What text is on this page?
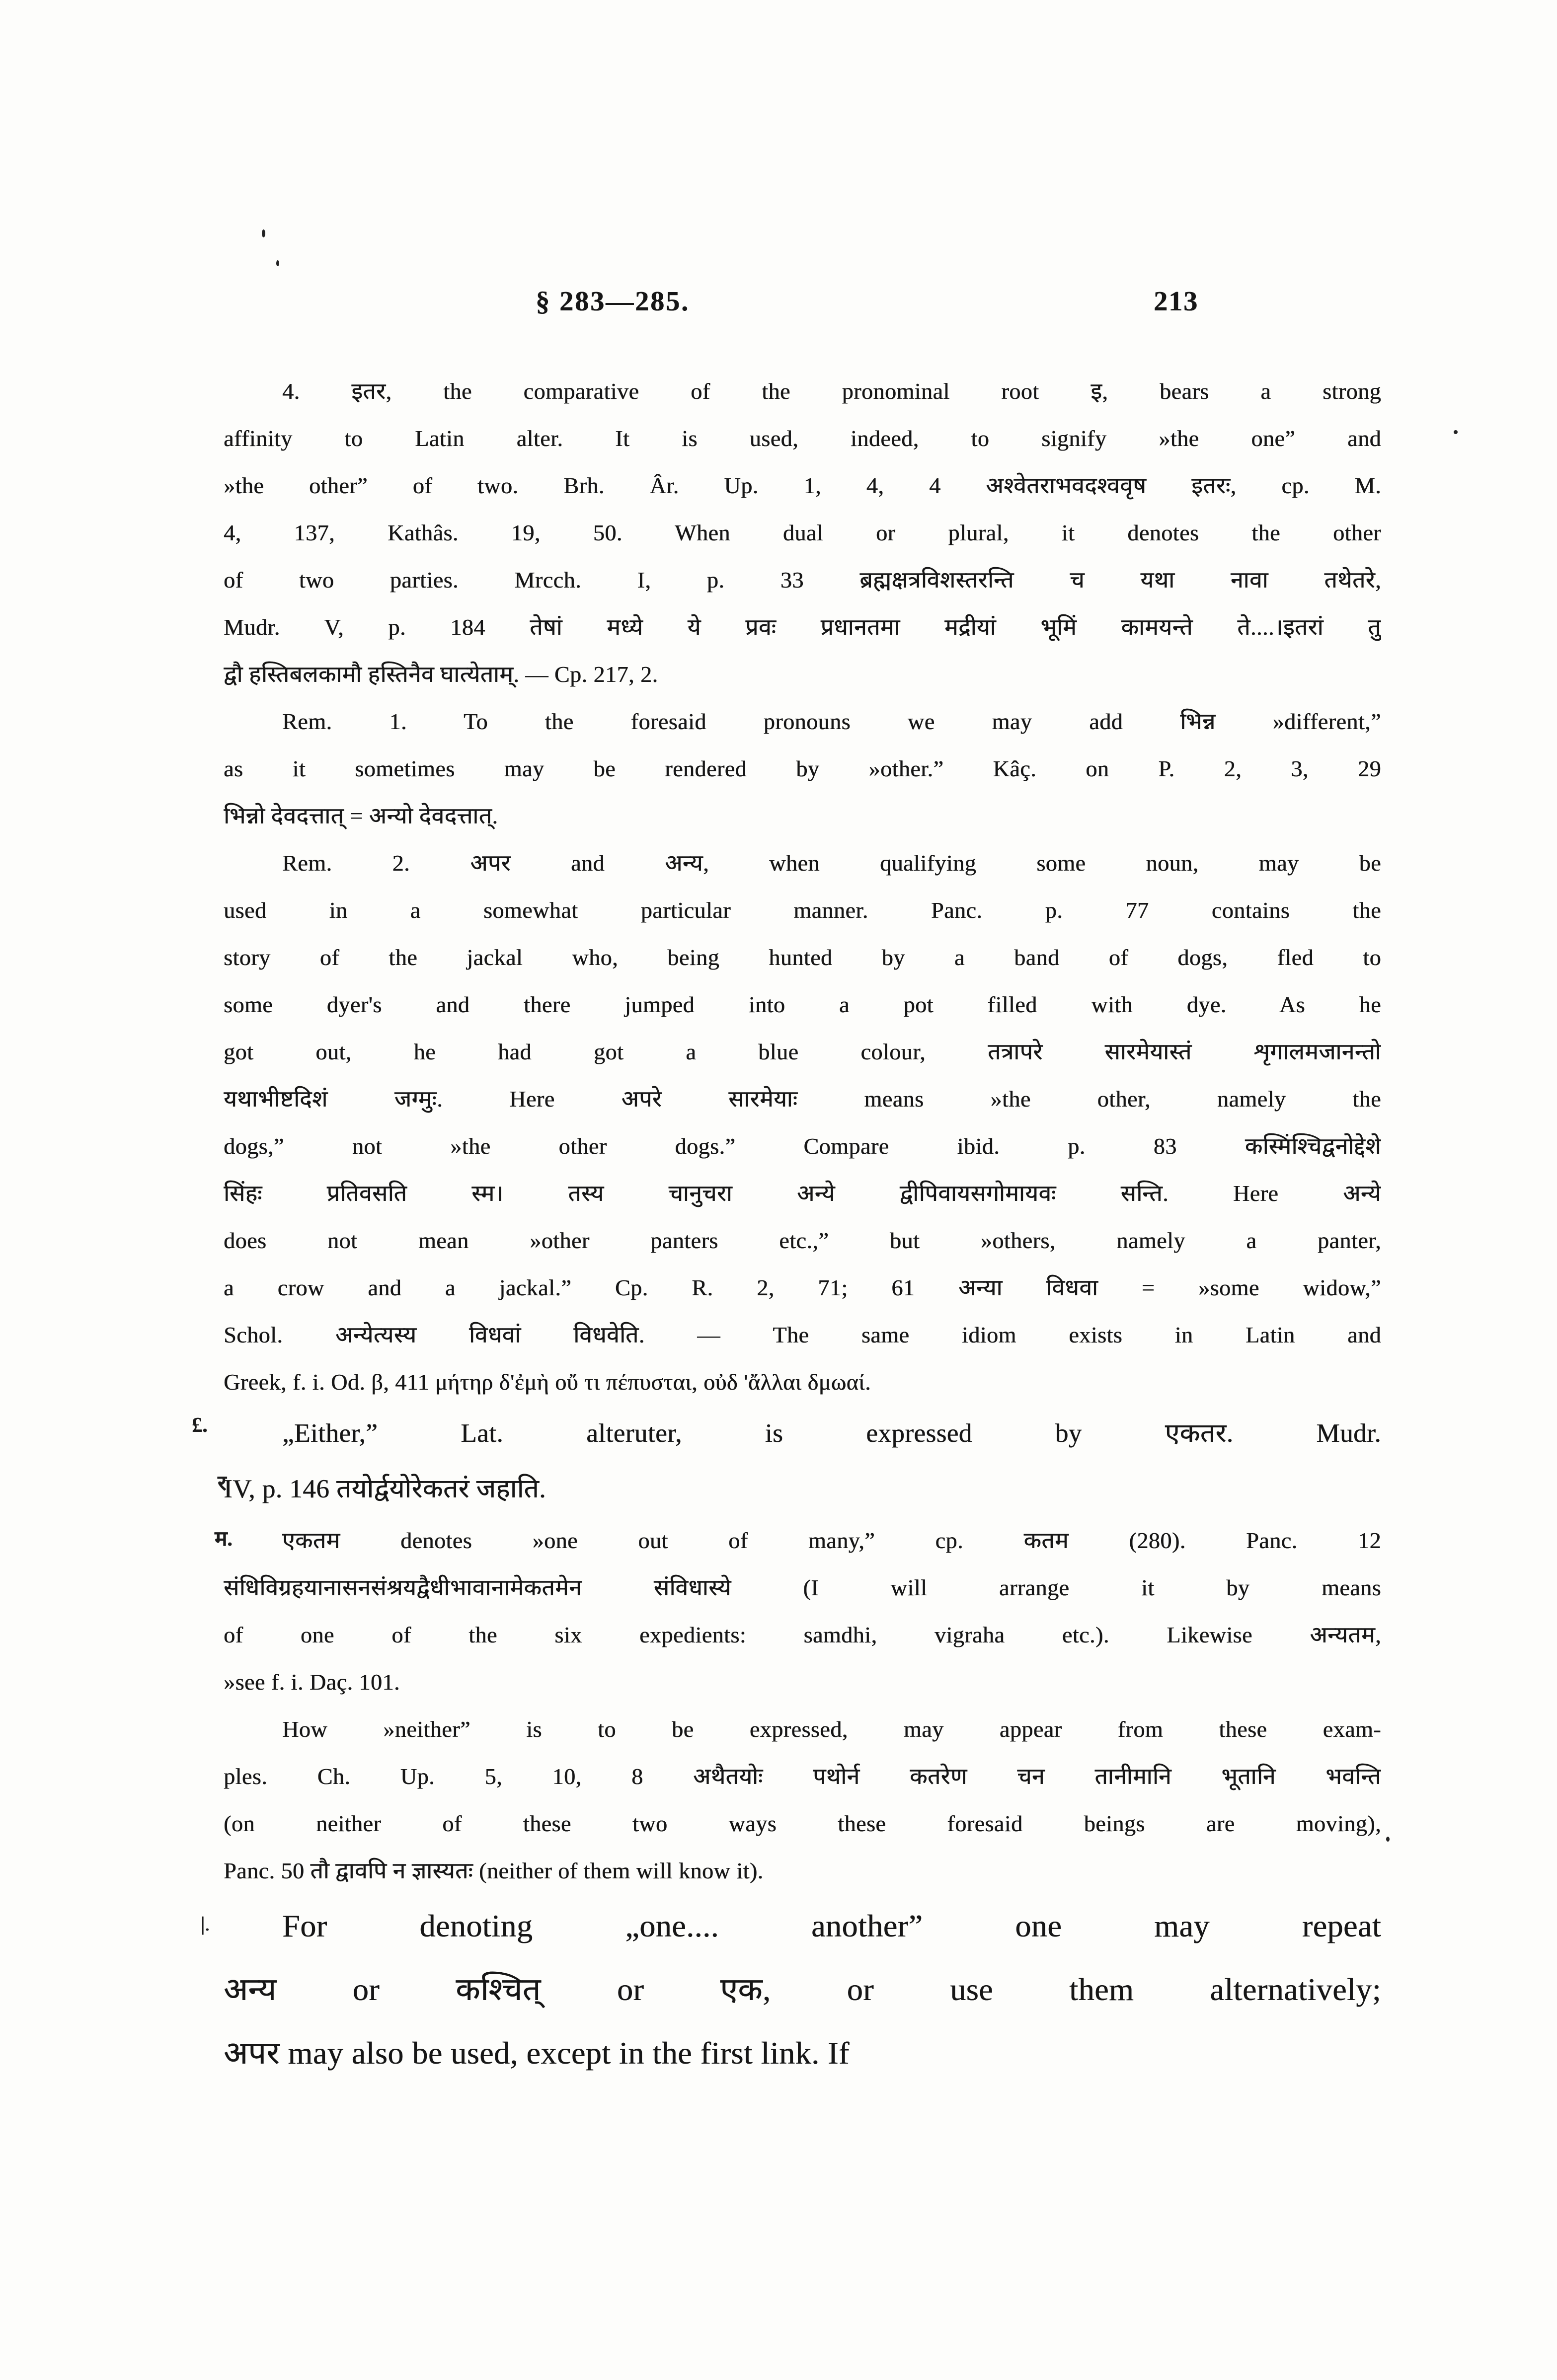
§ 283—285.	213
4. इतर, the comparative of the pronominal root इ, bears a strong
affinity to Latin alter. It is used, indeed, to signify »the one” and
»the other” of two. Brh. Âr. Up. 1, 4, 4 अश्वेतराभवदश्ववृष इतरः, cp. M.
4, 137, Kathâs. 19, 50. When dual or plural, it denotes the other
of two parties. Mrcch. I, p. 33 ब्रह्मक्षत्रविशस्तरन्ति च यथा नावा तथेतरे,
Mudr. V, p. 184 तेषां मध्ये ये प्रवः प्रधानतमा मद्रीयां भूमिं कामयन्ते ते....।इतरां तु
द्वौ हस्तिबलकामौ हस्तिनैव घात्येताम्. — Cp. 217, 2.
Rem. 1. To the foresaid pronouns we may add भिन्न »different,”
as it sometimes may be rendered by »other.” Kâç. on P. 2, 3, 29
भिन्नो देवदत्तात् = अन्यो देवदत्तात्.
Rem. 2. अपर and अन्य, when qualifying some noun, may be
used in a somewhat particular manner. Panc. p. 77 contains the
story of the jackal who, being hunted by a band of dogs, fled to
some dyer's and there jumped into a pot filled with dye. As he
got out, he had got a blue colour, तत्रापरे सारमेयास्तं शृगालमजानन्तो
यथाभीष्टदिशं जग्मुः. Here अपरे सारमेयाः means »the other, namely the
dogs,” not »the other dogs.” Compare ibid. p. 83 कस्मिंश्चिद्वनोद्देशे
सिंहः प्रतिवसति स्म। तस्य चानुचरा अन्ये द्वीपिवायसगोमायवः सन्ति. Here अन्ये
does not mean »other panters etc.,” but »others, namely a panter,
a crow and a jackal.” Cp. R. 2, 71; 61 अन्या विधवा = »some widow,”
Schol. अन्येत्यस्य विधवां विधवेति. — The same idiom exists in Latin and
Greek, f. i. Od. β, 411 μήτηρ δ'ἐμὴ οὔ τι πέπυσται, οὐδ 'ἄλλαι δμωαί.
„Either,” Lat. alteruter, is expressed by एकतर. Mudr.
IV, p. 146 तयोर्द्वयोरेकतरं जहाति.
एकतम denotes »one out of many,” cp. कतम (280). Panc. 12
संधिविग्रहयानासनसंश्रयद्वैधीभावानामेकतमेन संविधास्ये (I will arrange it by means
of one of the six expedients: samdhi, vigraha etc.). Likewise अन्यतम,
»see f. i. Daç. 101.
How »neither” is to be expressed, may appear from these exam-
ples. Ch. Up. 5, 10, 8 अथैतयोः पथोर्न कतरेण चन तानीमानि भूतानि भवन्ति
(on neither of these two ways these foresaid beings are moving),
Panc. 50 तौ द्वावपि न ज्ञास्यतः (neither of them will know it).
For denoting „one.... another” one may repeat
अन्य or कश्चित् or एक, or use them alternatively;
अपर may also be used, except in the first link. If
£.
र
म.
|.
